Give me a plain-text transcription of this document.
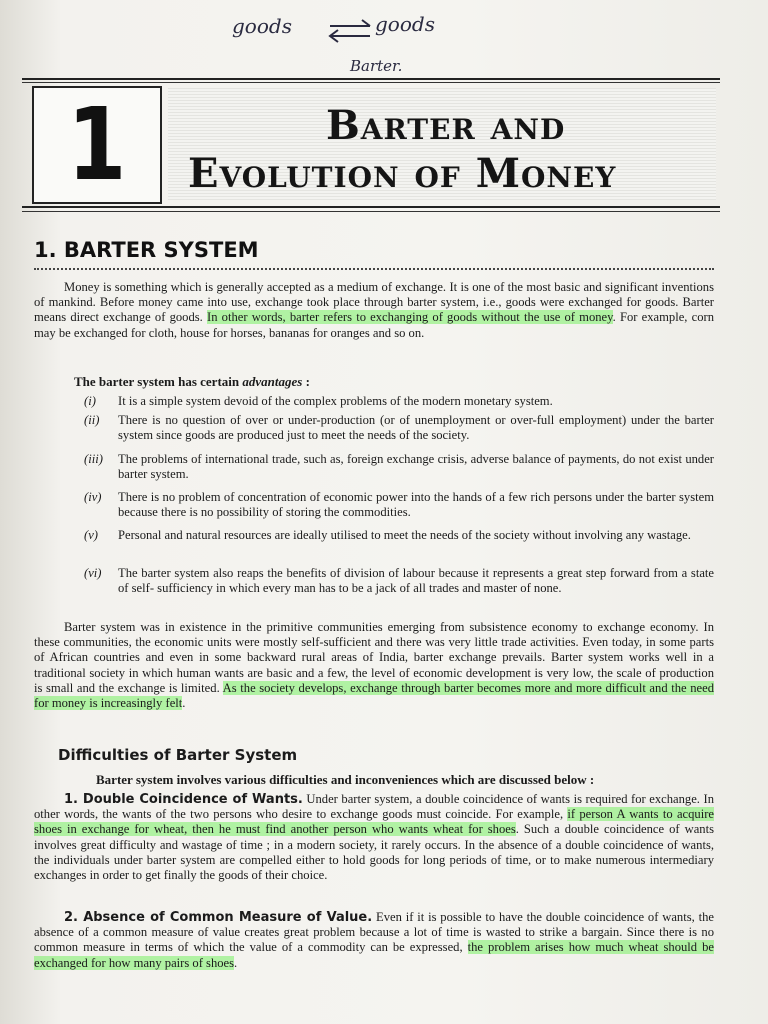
goods	goods
Barter.
1	Barter and
Evolution of Money
1. BARTER SYSTEM

Money is something which is generally accepted as a medium of exchange. It is one of the most basic and significant inventions of mankind. Before money came into use, exchange took place through barter system, i.e., goods were exchanged for goods. Barter means direct exchange of goods. In other words, barter refers to exchanging of goods without the use of money. For example, corn may be exchanged for cloth, house for horses, bananas for oranges and so on.

The barter system has certain advantages :
(i)	It is a simple system devoid of the complex problems of the modern monetary system.
(ii)	There is no question of over or under-production (or of unemployment or over-full employment) under the barter system since goods are produced just to meet the needs of the society.
(iii)	The problems of international trade, such as, foreign exchange crisis, adverse balance of payments, do not exist under barter system.
(iv)	There is no problem of concentration of economic power into the hands of a few rich persons under the barter system because there is no possibility of storing the commodities.
(v)	Personal and natural resources are ideally utilised to meet the needs of the society without involving any wastage.
(vi)	The barter system also reaps the benefits of division of labour because it represents a great step forward from a state of self- sufficiency in which every man has to be a jack of all trades and master of none.

Barter system was in existence in the primitive communities emerging from subsistence economy to exchange economy. In these communities, the economic units were mostly self-sufficient and there was very little trade activities. Even today, in some parts of African countries and even in some backward rural areas of India, barter exchange prevails. Barter system works well in a traditional society in which human wants are basic and a few, the level of economic development is very low, the scale of production is small and the exchange is limited. As the society develops, exchange through barter becomes more and more difficult and the need for money is increasingly felt.

Difficulties of Barter System
Barter system involves various difficulties and inconveniences which are discussed below :

1. Double Coincidence of Wants. Under barter system, a double coincidence of wants is required for exchange. In other words, the wants of the two persons who desire to exchange goods must coincide. For example, if person A wants to acquire shoes in exchange for wheat, then he must find another person who wants wheat for shoes. Such a double coincidence of wants involves great difficulty and wastage of time ; in a modern society, it rarely occurs. In the absence of a double coincidence of wants, the individuals under barter system are compelled either to hold goods for long periods of time, or to make numerous intermediary exchanges in order to get finally the goods of their choice.

2. Absence of Common Measure of Value. Even if it is possible to have the double coincidence of wants, the absence of a common measure of value creates great problem because a lot of time is wasted to strike a bargain. Since there is no common measure in terms of which the value of a commodity can be expressed, the problem arises how much wheat should be exchanged for how many pairs of shoes.
